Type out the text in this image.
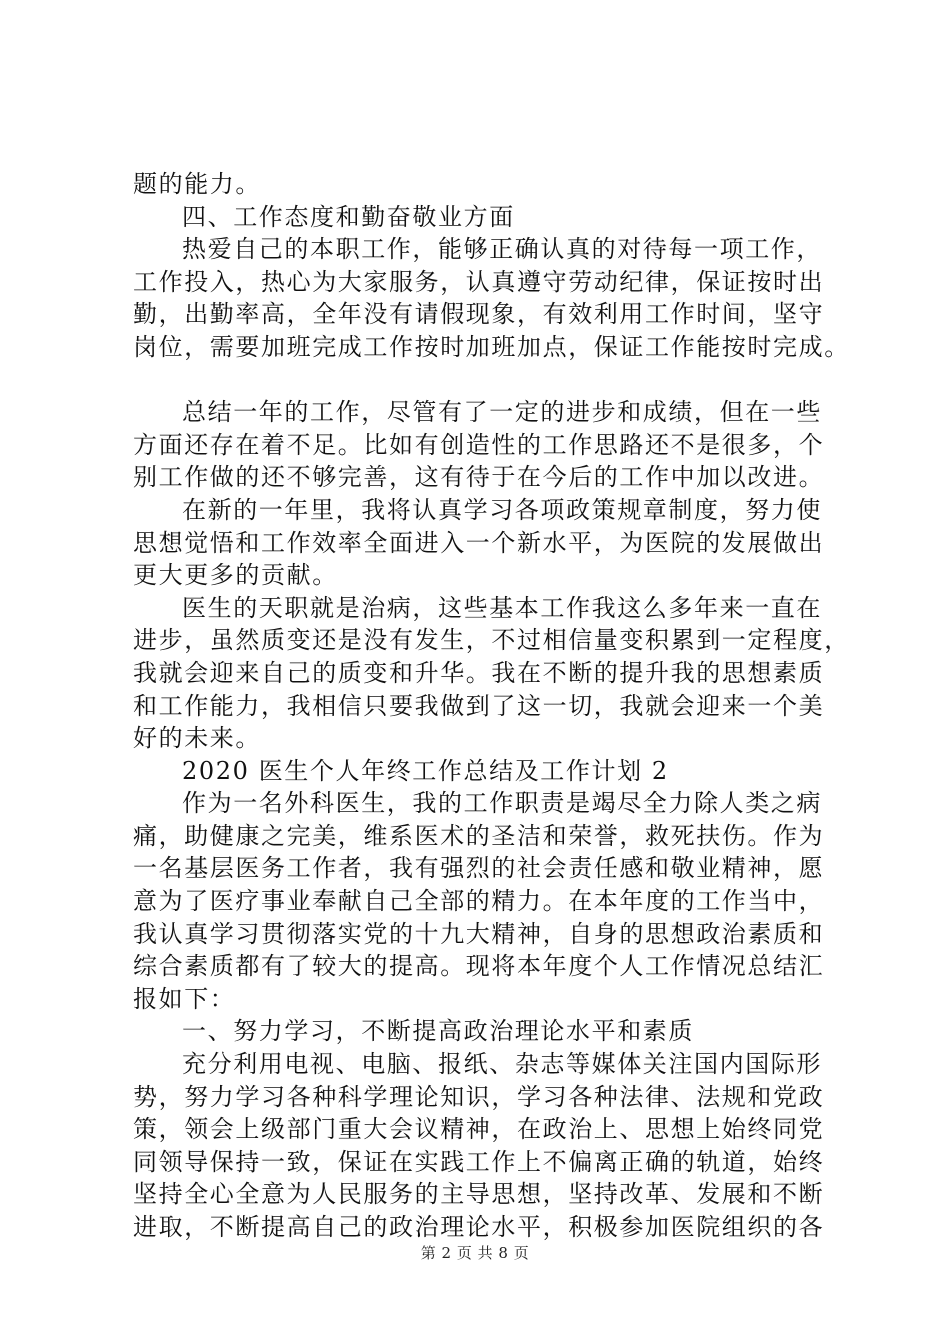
题的能力。
四、工作态度和勤奋敬业方面
热爱自己的本职工作，能够正确认真的对待每一项工作，
工作投入，热心为大家服务，认真遵守劳动纪律，保证按时出
勤，出勤率高，全年没有请假现象，有效利用工作时间，坚守
岗位，需要加班完成工作按时加班加点，保证工作能按时完成。
总结一年的工作，尽管有了一定的进步和成绩，但在一些
方面还存在着不足。比如有创造性的工作思路还不是很多，个
别工作做的还不够完善，这有待于在今后的工作中加以改进。
在新的一年里，我将认真学习各项政策规章制度，努力使
思想觉悟和工作效率全面进入一个新水平，为医院的发展做出
更大更多的贡献。
医生的天职就是治病，这些基本工作我这么多年来一直在
进步，虽然质变还是没有发生，不过相信量变积累到一定程度，
我就会迎来自己的质变和升华。我在不断的提升我的思想素质
和工作能力，我相信只要我做到了这一切，我就会迎来一个美
好的未来。
2020 医生个人年终工作总结及工作计划 2
作为一名外科医生，我的工作职责是竭尽全力除人类之病
痛，助健康之完美，维系医术的圣洁和荣誉，救死扶伤。作为
一名基层医务工作者，我有强烈的社会责任感和敬业精神，愿
意为了医疗事业奉献自己全部的精力。在本年度的工作当中，
我认真学习贯彻落实党的十九大精神，自身的思想政治素质和
综合素质都有了较大的提高。现将本年度个人工作情况总结汇
报如下：
一、努力学习，不断提高政治理论水平和素质
充分利用电视、电脑、报纸、杂志等媒体关注国内国际形
势，努力学习各种科学理论知识，学习各种法律、法规和党政
策，领会上级部门重大会议精神，在政治上、思想上始终同党
同领导保持一致，保证在实践工作上不偏离正确的轨道，始终
坚持全心全意为人民服务的主导思想，坚持改革、发展和不断
进取，不断提高自己的政治理论水平，积极参加医院组织的各
第 2 页 共 8 页
